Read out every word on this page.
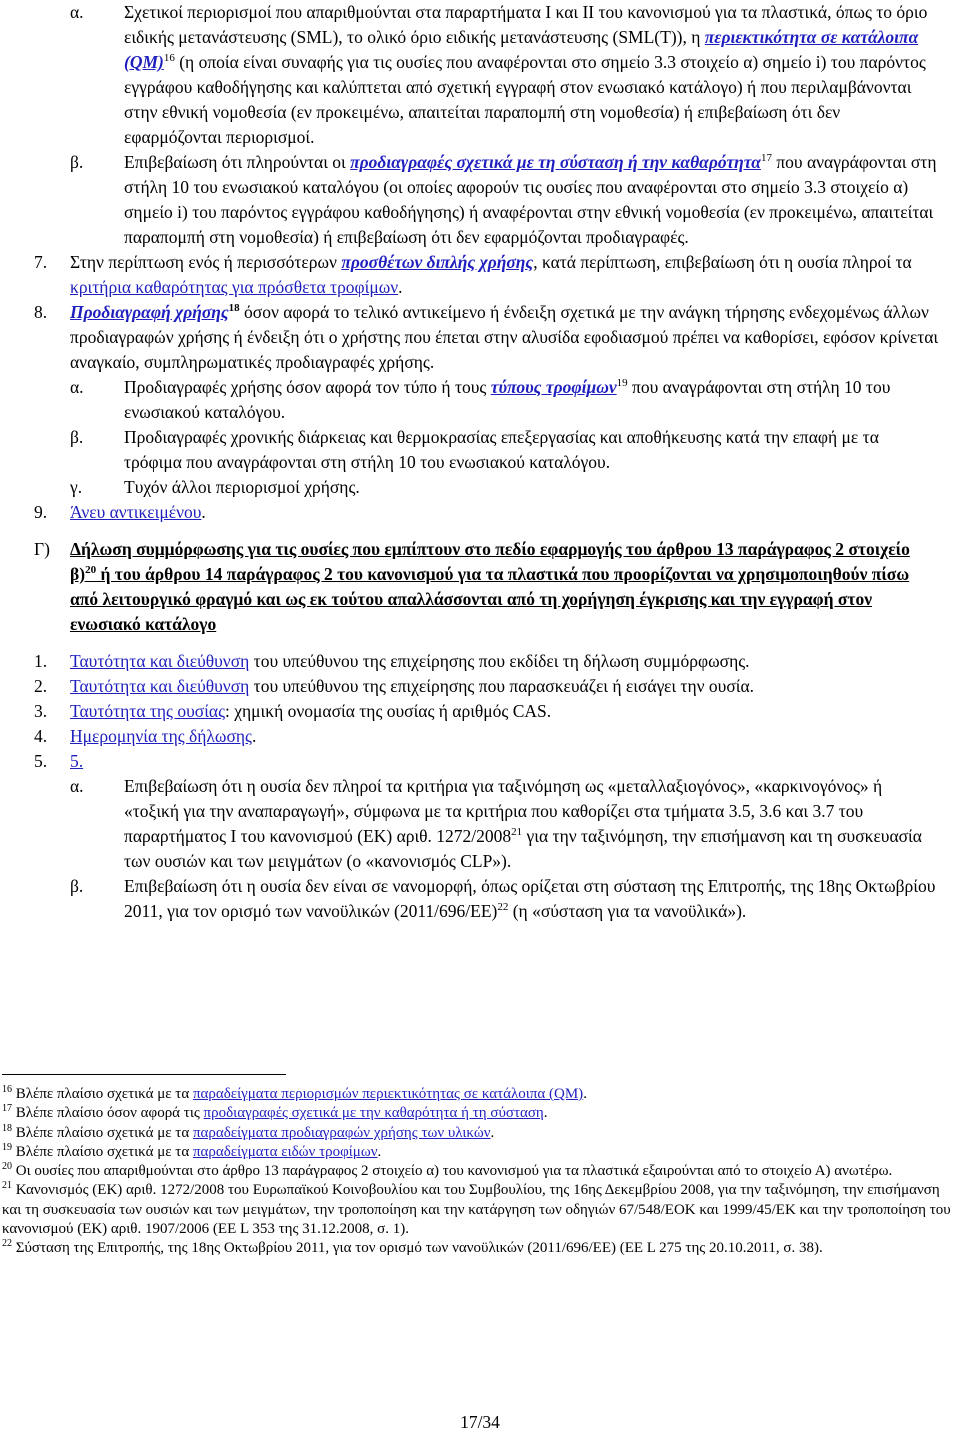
α. Σχετικοί περιορισμοί που απαριθμούνται στα παραρτήματα Ι και ΙΙ του κανονισμού για τα πλαστικά, όπως το όριο ειδικής μετανάστευσης (SML), το ολικό όριο ειδικής μετανάστευσης (SML(T)), η περιεκτικότητα σε κατάλοιπα (QM)$^{16}$ (η οποία είναι συναφής για τις ουσίες που αναφέρονται στο σημείο 3.3 στοιχείο α) σημείο i) του παρόντος εγγράφου καθοδήγησης και καλύπτεται από σχετική εγγραφή στον ενωσιακό κατάλογο) ή που περιλαμβάνονται στην εθνική νομοθεσία (εν προκειμένω, απαιτείται παραπομπή στη νομοθεσία) ή επιβεβαίωση ότι δεν εφαρμόζονται περιορισμοί.
β. Επιβεβαίωση ότι πληρούνται οι προδιαγραφές σχετικά με τη σύσταση ή την καθαρότητα$^{17}$ που αναγράφονται στη στήλη 10 του ενωσιακού καταλόγου (οι οποίες αφορούν τις ουσίες που αναφέρονται στο σημείο 3.3 στοιχείο α) σημείο i) του παρόντος εγγράφου καθοδήγησης) ή αναφέρονται στην εθνική νομοθεσία (εν προκειμένω, απαιτείται παραπομπή στη νομοθεσία) ή επιβεβαίωση ότι δεν εφαρμόζονται προδιαγραφές.
7. Στην περίπτωση ενός ή περισσότερων προσθέτων διπλής χρήσης, κατά περίπτωση, επιβεβαίωση ότι η ουσία πληροί τα κριτήρια καθαρότητας για πρόσθετα τροφίμων.
8. Προδιαγραφή χρήσης$^{18}$ όσον αφορά το τελικό αντικείμενο ή ένδειξη σχετικά με την ανάγκη τήρησης ενδεχομένως άλλων προδιαγραφών χρήσης ή ένδειξη ότι ο χρήστης που έπεται στην αλυσίδα εφοδιασμού πρέπει να καθορίσει, εφόσον κρίνεται αναγκαίο, συμπληρωματικές προδιαγραφές χρήσης.
α. Προδιαγραφές χρήσης όσον αφορά τον τύπο ή τους τύπους τροφίμων$^{19}$ που αναγράφονται στη στήλη 10 του ενωσιακού καταλόγου.
β. Προδιαγραφές χρονικής διάρκειας και θερμοκρασίας επεξεργασίας και αποθήκευσης κατά την επαφή με τα τρόφιμα που αναγράφονται στη στήλη 10 του ενωσιακού καταλόγου.
γ. Τυχόν άλλοι περιορισμοί χρήσης.
9. Άνευ αντικειμένου.
Γ) Δήλωση συμμόρφωσης για τις ουσίες που εμπίπτουν στο πεδίο εφαρμογής του άρθρου 13 παράγραφος 2 στοιχείο β)$^{20}$ ή του άρθρου 14 παράγραφος 2 του κανονισμού για τα πλαστικά που προορίζονται να χρησιμοποιηθούν πίσω από λειτουργικό φραγμό και ως εκ τούτου απαλλάσσονται από τη χορήγηση έγκρισης και την εγγραφή στον ενωσιακό κατάλογο
1. Ταυτότητα και διεύθυνση του υπεύθυνου της επιχείρησης που εκδίδει τη δήλωση συμμόρφωσης.
2. Ταυτότητα και διεύθυνση του υπεύθυνου της επιχείρησης που παρασκευάζει ή εισάγει την ουσία.
3. Ταυτότητα της ουσίας: χημική ονομασία της ουσίας ή αριθμός CAS.
4. Ημερομηνία της δήλωσης.
5. 5.
α. Επιβεβαίωση ότι η ουσία δεν πληροί τα κριτήρια για ταξινόμηση ως «μεταλλαξιογόνος», «καρκινογόνος» ή «τοξική για την αναπαραγωγή», σύμφωνα με τα κριτήρια που καθορίζει στα τμήματα 3.5, 3.6 και 3.7 του παραρτήματος Ι του κανονισμού (ΕΚ) αριθ. 1272/2008$^{21}$ για την ταξινόμηση, την επισήμανση και τη συσκευασία των ουσιών και των μειγμάτων (ο «κανονισμός CLP»).
β. Επιβεβαίωση ότι η ουσία δεν είναι σε νανομορφή, όπως ορίζεται στη σύσταση της Επιτροπής, της 18ης Οκτωβρίου 2011, για τον ορισμό των νανοϋλικών $(2011/696/EE)^{22}$ (η «σύσταση για τα νανοϋλικά»).
$^{16}$ Βλέπε πλαίσιο σχετικά με τα παραδείγματα περιορισμών περιεκτικότητας σε κατάλοιπα (QM).
$^{17}$ Βλέπε πλαίσιο όσον αφορά τις προδιαγραφές σχετικά με την καθαρότητα ή τη σύσταση.
$^{18}$ Βλέπε πλαίσιο σχετικά με τα παραδείγματα προδιαγραφών χρήσης των υλικών.
$^{19}$ Βλέπε πλαίσιο σχετικά με τα παραδείγματα ειδών τροφίμων.
$^{20}$ Οι ουσίες που απαριθμούνται στο άρθρο 13 παράγραφος 2 στοιχείο α) του κανονισμού για τα πλαστικά εξαιρούνται από το στοιχείο Α) ανωτέρω.
$^{21}$ Κανονισμός (ΕΚ) αριθ. 1272/2008 του Ευρωπαϊκού Κοινοβουλίου και του Συμβουλίου, της 16ης Δεκεμβρίου 2008, για την ταξινόμηση, την επισήμανση και τη συσκευασία των ουσιών και των μειγμάτων, την τροποποίηση και την κατάργηση των οδηγιών 67/548/ΕΟΚ και 1999/45/ΕΚ και την τροποποίηση του κανονισμού (ΕΚ) αριθ. 1907/2006 (ΕΕ L 353 της 31.12.2008, σ. 1).
$^{22}$ Σύσταση της Επιτροπής, της 18ης Οκτωβρίου 2011, για τον ορισμό των νανοϋλικών (2011/696/ΕΕ) (ΕΕ L 275 της 20.10.2011, σ. 38).
17/34
